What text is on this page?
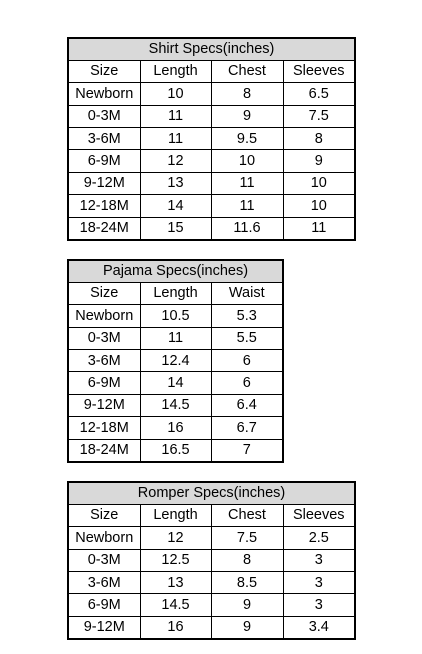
Shirt Specs(inches)			
Size	Length	Chest	Sleeves
Newborn	10	8	6.5
0-3M	11	9	7.5
3-6M	11	9.5	8
6-9M	12	10	9
9-12M	13	11	10
12-18M	14	11	10
18-24M	15	11.6	11
Pajama Specs(inches)		
Size	Length	Waist
Newborn	10.5	5.3
0-3M	11	5.5
3-6M	12.4	6
6-9M	14	6
9-12M	14.5	6.4
12-18M	16	6.7
18-24M	16.5	7
Romper Specs(inches)			
Size	Length	Chest	Sleeves
Newborn	12	7.5	2.5
0-3M	12.5	8	3
3-6M	13	8.5	3
6-9M	14.5	9	3
9-12M	16	9	3.4
